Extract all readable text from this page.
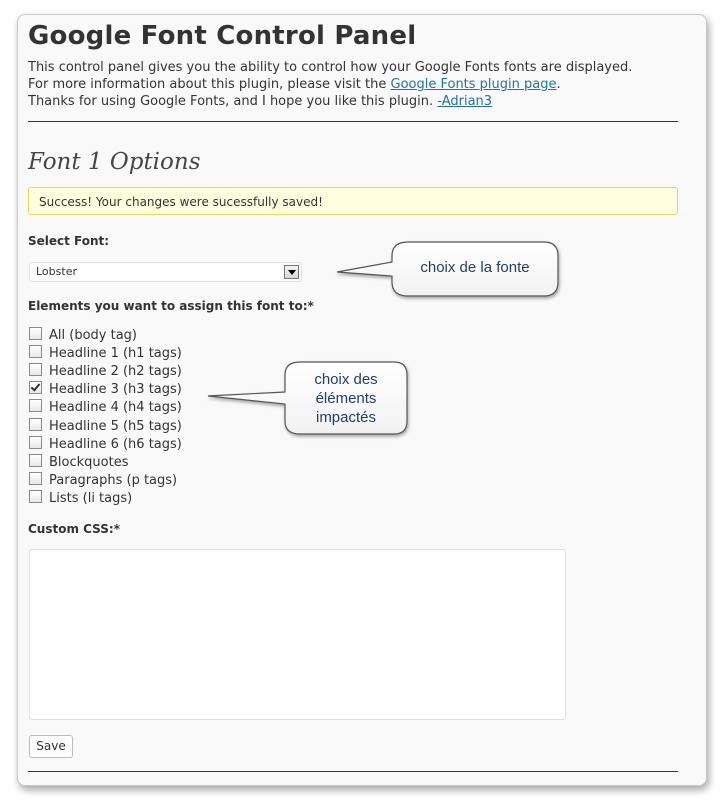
Google Font Control Panel
This control panel gives you the ability to control how your Google Fonts fonts are displayed.
For more information about this plugin, please visit the Google Fonts plugin page.
Thanks for using Google Fonts, and I hope you like this plugin. -Adrian3
Font 1 Options
Success! Your changes were sucessfully saved!
Select Font:
Lobster
Elements you want to assign this font to:*
All (body tag)
Headline 1 (h1 tags)
Headline 2 (h2 tags)
Headline 3 (h3 tags)
Headline 4 (h4 tags)
Headline 5 (h5 tags)
Headline 6 (h6 tags)
Blockquotes
Paragraphs (p tags)
Lists (li tags)
Custom CSS:*
Save
choix de la fonte
choix des
éléments
impactés
